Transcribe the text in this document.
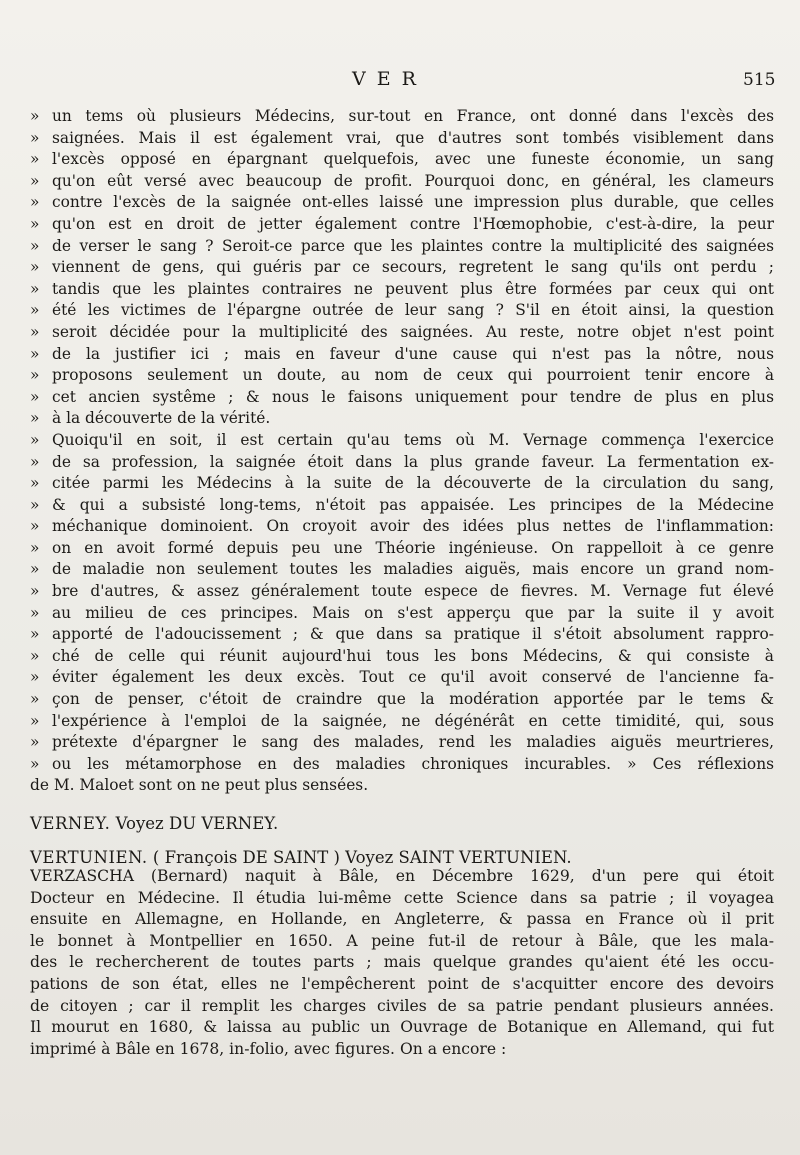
VER	515
» un tems où plusieurs Médecins, sur-tout en France, ont donné dans l'excès des
» saignées. Mais il est également vrai, que d'autres sont tombés visiblement dans
» l'excès opposé en épargnant quelquefois, avec une funeste économie, un sang
» qu'on eût versé avec beaucoup de profit. Pourquoi donc, en général, les clameurs
» contre l'excès de la saignée ont-elles laissé une impression plus durable, que celles
» qu'on est en droit de jetter également contre l'Hœmophobie, c'est-à-dire, la peur
» de verser le sang ? Seroit-ce parce que les plaintes contre la multiplicité des saignées
» viennent de gens, qui guéris par ce secours, regretent le sang qu'ils ont perdu ;
» tandis que les plaintes contraires ne peuvent plus être formées par ceux qui ont
» été les victimes de l'épargne outrée de leur sang ? S'il en étoit ainsi, la question
» seroit décidée pour la multiplicité des saignées. Au reste, notre objet n'est point
» de la justifier ici ; mais en faveur d'une cause qui n'est pas la nôtre, nous
» proposons seulement un doute, au nom de ceux qui pourroient tenir encore à
» cet ancien systême ; & nous le faisons uniquement pour tendre de plus en plus
» à la découverte de la vérité.
» Quoiqu'il en soit, il est certain qu'au tems où M. Vernage commença l'exercice
» de sa profession, la saignée étoit dans la plus grande faveur. La fermentation ex-
» citée parmi les Médecins à la suite de la découverte de la circulation du sang,
» & qui a subsisté long-tems, n'étoit pas appaisée. Les principes de la Médecine
» méchanique dominoient. On croyoit avoir des idées plus nettes de l'inflammation:
» on en avoit formé depuis peu une Théorie ingénieuse. On rappelloit à ce genre
» de maladie non seulement toutes les maladies aiguës, mais encore un grand nom-
» bre d'autres, & assez généralement toute espece de fievres. M. Vernage fut élevé
» au milieu de ces principes. Mais on s'est apperçu que par la suite il y avoit
» apporté de l'adoucissement ; & que dans sa pratique il s'étoit absolument rappro-
» ché de celle qui réunit aujourd'hui tous les bons Médecins, & qui consiste à
» éviter également les deux excès. Tout ce qu'il avoit conservé de l'ancienne fa-
» çon de penser, c'étoit de craindre que la modération apportée par le tems &
» l'expérience à l'emploi de la saignée, ne dégénérât en cette timidité, qui, sous
» prétexte d'épargner le sang des malades, rend les maladies aiguës meurtrieres,
» ou les métamorphose en des maladies chroniques incurables. » Ces réflexions
de M. Maloet sont on ne peut plus sensées.
VERNEY. Voyez DU VERNEY.
VERTUNIEN. ( François DE SAINT ) Voyez SAINT VERTUNIEN.
VERZASCHA (Bernard) naquit à Bâle, en Décembre 1629, d'un pere qui étoit
Docteur en Médecine. Il étudia lui-même cette Science dans sa patrie ; il voyagea
ensuite en Allemagne, en Hollande, en Angleterre, & passa en France où il prit
le bonnet à Montpellier en 1650. A peine fut-il de retour à Bâle, que les mala-
des le rechercherent de toutes parts ; mais quelque grandes qu'aient été les occu-
pations de son état, elles ne l'empêcherent point de s'acquitter encore des devoirs
de citoyen ; car il remplit les charges civiles de sa patrie pendant plusieurs années.
Il mourut en 1680, & laissa au public un Ouvrage de Botanique en Allemand, qui fut
imprimé à Bâle en 1678, in-folio, avec figures. On a encore :
